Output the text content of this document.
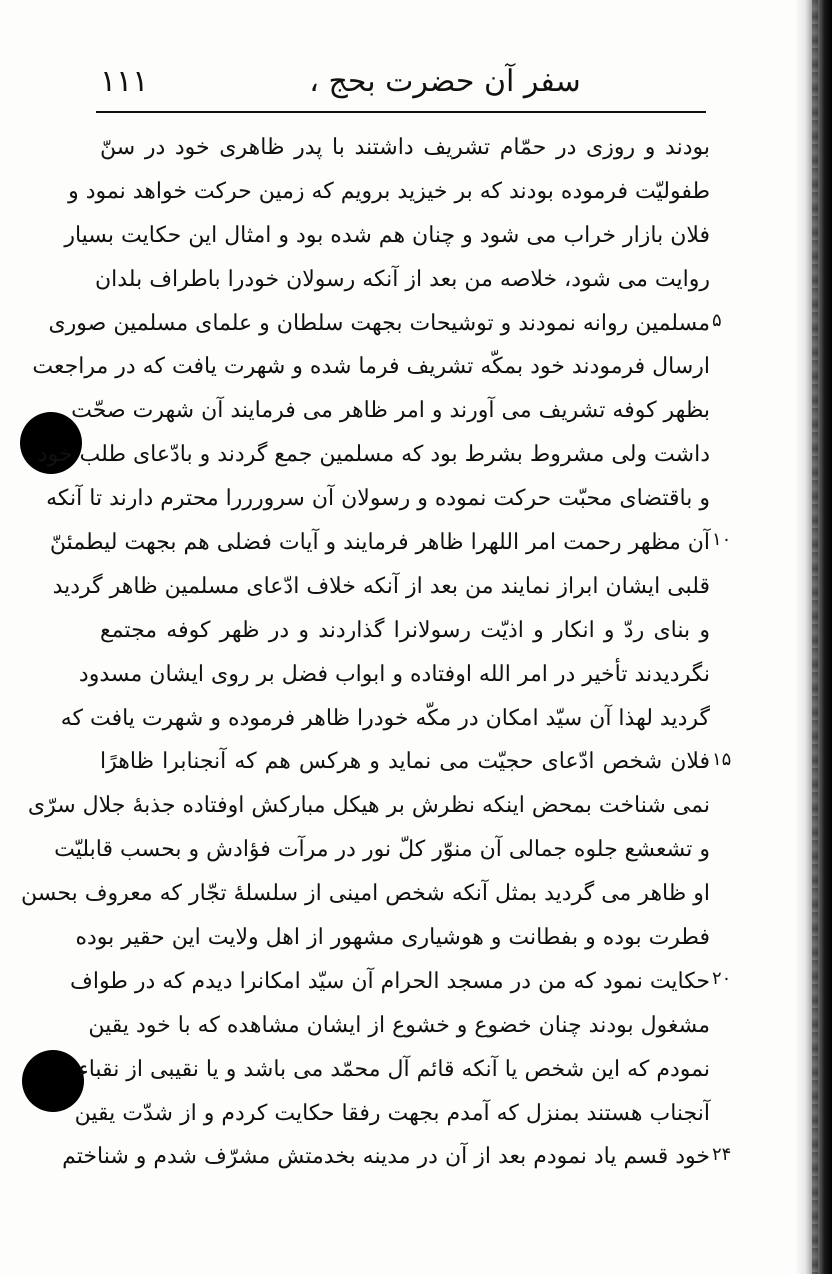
۱۱۱	سفر آن حضرت بحج ،
بودند و روزی در حمّام تشریف داشتند با پدر ظاهری خود در سنّ
طفولیّت فرموده بودند که بر خیزید برویم که زمین حرکت خواهد نمود و
فلان بازار خراب می شود و چنان هم شده بود و امثال این حکایت بسیار
روایت می شود، خلاصه من بعد از آنکه رسولان خودرا باطراف بلدان
مسلمین روانه نمودند و توشیحات بجهت سلطان و علمای مسلمین صوری
ارسال فرمودند خود بمکّه تشریف فرما شده و شهرت یافت که در مراجعت
بظهر کوفه تشریف می آورند و امر ظاهر می فرمایند آن شهرت صحّت
داشت ولی مشروط بشرط بود که مسلمین جمع گردند و بادّعای طلب خود
و باقتضای محبّت حرکت نموده و رسولان آن سرورررا محترم دارند تا آنکه
آن مظهر رحمت امر اللهرا ظاهر فرمایند و آیات فضلی هم بجهت لیطمئنّ
قلبی ایشان ابراز نمایند من بعد از آنکه خلاف ادّعای مسلمین ظاهر گردید
و بنای ردّ و انکار و اذیّت رسولانرا گذاردند و در ظهر کوفه مجتمع
نگردیدند تأخیر در امر الله اوفتاده و ابواب فضل بر روی ایشان مسدود
گردید لهذا آن سیّد امکان در مکّه خودرا ظاهر فرموده و شهرت یافت که
فلان شخص ادّعای حجیّت می نماید و هرکس هم که آنجنابرا ظاهرًا
نمی شناخت بمحض اینکه نظرش بر هیکل مبارکش اوفتاده جذبهٔ جلال سرّی
و تشعشع جلوه جمالی آن منوّر کلّ نور در مرآت فؤادش و بحسب قابلیّت
او ظاهر می گردید بمثل آنکه شخص امینی از سلسلهٔ تجّار که معروف بحسن
فطرت بوده و بفطانت و هوشیاری مشهور از اهل ولایت این حقیر بوده
حکایت نمود که من در مسجد الحرام آن سیّد امکانرا دیدم که در طواف
مشغول بودند چنان خضوع و خشوع از ایشان مشاهده که با خود یقین
نمودم که این شخص یا آنکه قائم آل محمّد می باشد و یا نقیبی از نقباء
آنجناب هستند بمنزل که آمدم بجهت رفقا حکایت کردم و از شدّت یقین
خود قسم یاد نمودم بعد از آن در مدینه بخدمتش مشرّف شدم و شناختم
۵
۱۰
۱۵
۲۰
۲۴
